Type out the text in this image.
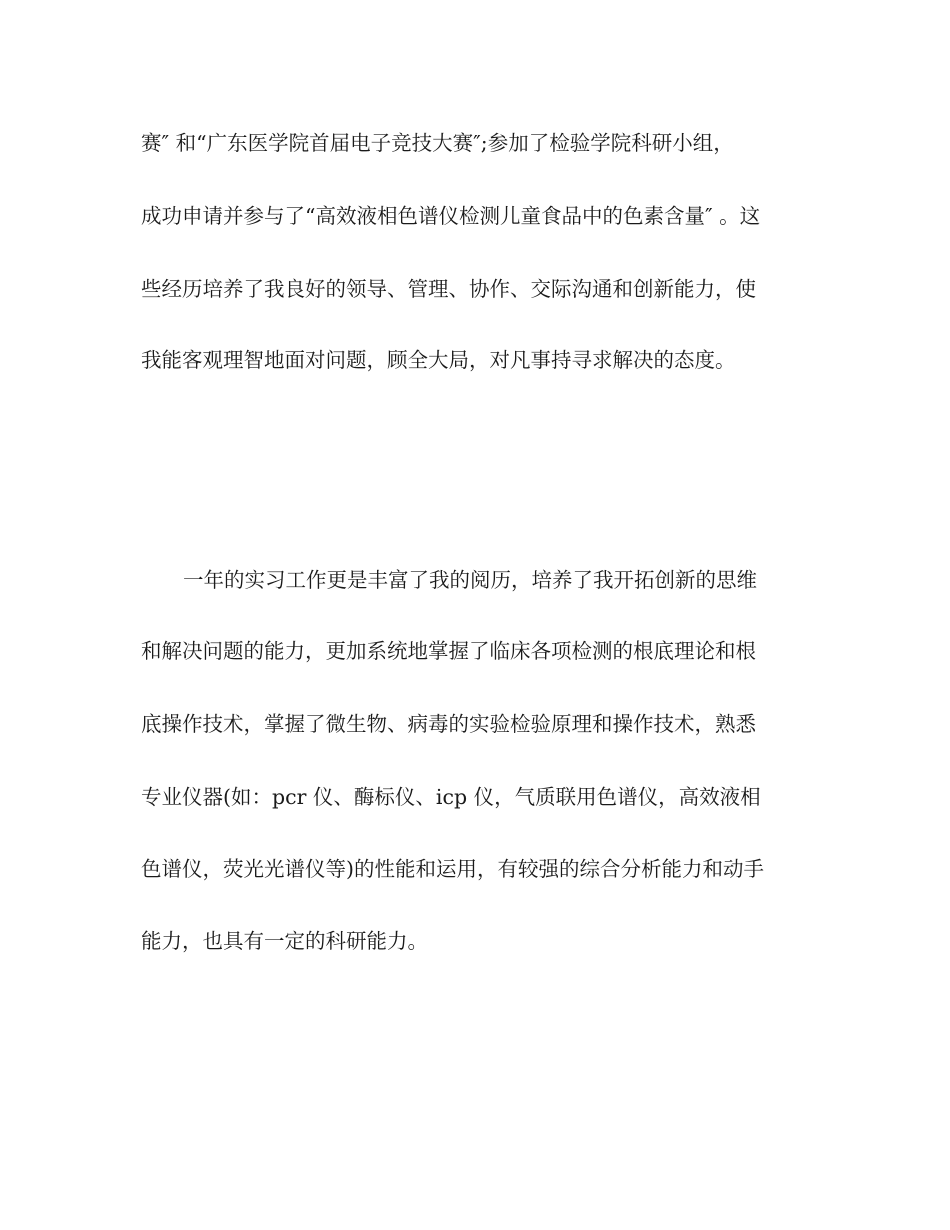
赛″ 和“广东医学院首届电子竞技大赛″;参加了检验学院科研小组，
成功申请并参与了“高效液相色谱仪检测儿童食品中的色素含量″ 。这
些经历培养了我良好的领导、管理、协作、交际沟通和创新能力，使
我能客观理智地面对问题，顾全大局，对凡事持寻求解决的态度。
一年的实习工作更是丰富了我的阅历，培养了我开拓创新的思维
和解决问题的能力，更加系统地掌握了临床各项检测的根底理论和根
底操作技术，掌握了微生物、病毒的实验检验原理和操作技术，熟悉
专业仪器(如：pcr 仪、酶标仪、icp 仪，气质联用色谱仪，高效液相
色谱仪，荧光光谱仪等)的性能和运用，有较强的综合分析能力和动手
能力，也具有一定的科研能力。
